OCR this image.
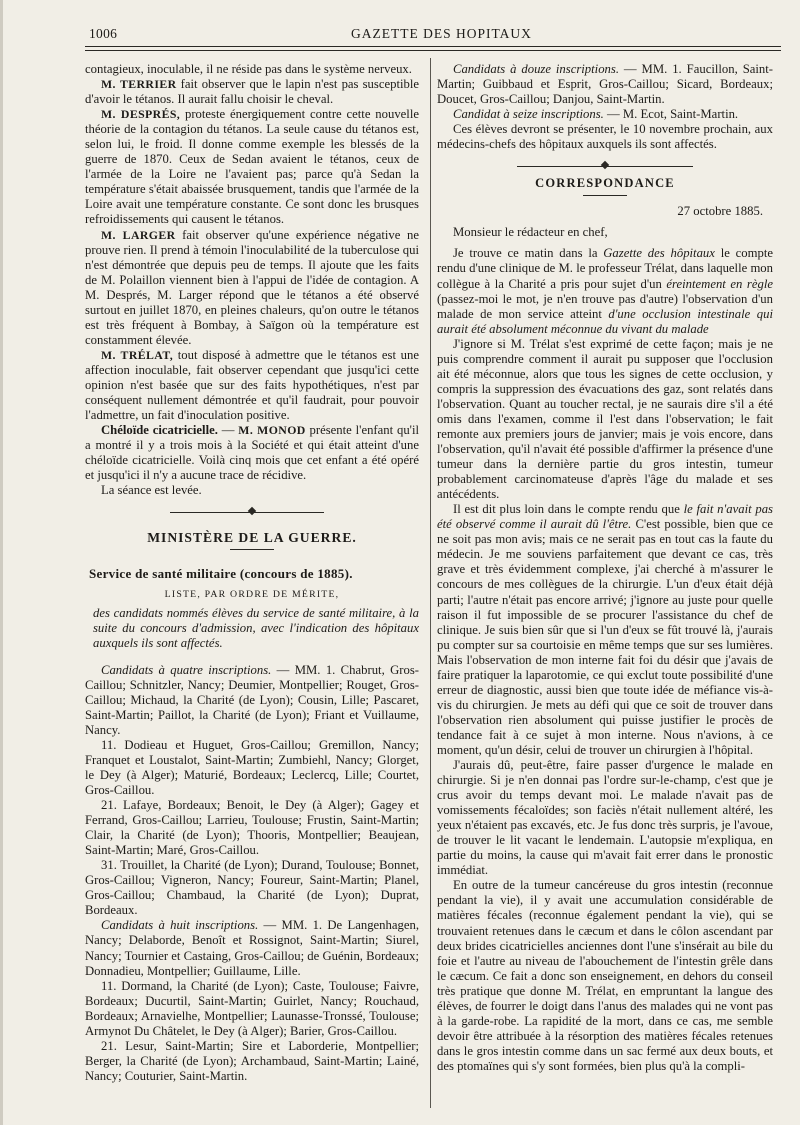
1006	GAZETTE DES HOPITAUX

contagieux, inoculable, il ne réside pas dans le système nerveux.

M. TERRIER fait observer que le lapin n'est pas susceptible d'avoir le tétanos. Il aurait fallu choisir le cheval.

M. DESPRÉS, proteste énergiquement contre cette nouvelle théorie de la contagion du tétanos. La seule cause du tétanos est, selon lui, le froid. Il donne comme exemple les blessés de la guerre de 1870. Ceux de Sedan avaient le tétanos, ceux de l'armée de la Loire ne l'avaient pas; parce qu'à Sedan la température s'était abaissée brusquement, tandis que l'armée de la Loire avait une température constante. Ce sont donc les brusques refroidissements qui causent le tétanos.

M. LARGER fait observer qu'une expérience négative ne prouve rien. Il prend à témoin l'inoculabilité de la tuberculose qui n'est démontrée que depuis peu de temps. Il ajoute que les faits de M. Polaillon viennent bien à l'appui de l'idée de contagion. A M. Després, M. Larger répond que le tétanos a été observé surtout en juillet 1870, en pleines chaleurs, qu'on outre le tétanos est très fréquent à Bombay, à Saïgon où la température est constamment élevée.

M. TRÉLAT, tout disposé à admettre que le tétanos est une affection inoculable, fait observer cependant que jusqu'ici cette opinion n'est basée que sur des faits hypothétiques, n'est par conséquent nullement démontrée et qu'il faudrait, pour pouvoir l'admettre, un fait d'inoculation positive.

Chéloïde cicatricielle. — M. MONOD présente l'enfant qu'il a montré il y a trois mois à la Société et qui était atteint d'une chéloïde cicatricielle. Voilà cinq mois que cet enfant a été opéré et jusqu'ici il n'y a aucune trace de récidive.

La séance est levée.

MINISTÈRE DE LA GUERRE.
Service de santé militaire (concours de 1885).
LISTE, PAR ORDRE DE MÉRITE,

des candidats nommés élèves du service de santé militaire, à la suite du concours d'admission, avec l'indication des hôpitaux auxquels ils sont affectés.

Candidats à quatre inscriptions. — MM. 1. Chabrut, Gros-Caillou; Schnitzler, Nancy; Deumier, Montpellier; Rouget, Gros-Caillou; Michaud, la Charité (de Lyon); Cousin, Lille; Pascaret, Saint-Martin; Paillot, la Charité (de Lyon); Friant et Vuillaume, Nancy.

11. Dodieau et Huguet, Gros-Caillou; Gremillon, Nancy; Franquet et Loustalot, Saint-Martin; Zumbiehl, Nancy; Glorget, le Dey (à Alger); Maturié, Bordeaux; Leclercq, Lille; Courtet, Gros-Caillou.

21. Lafaye, Bordeaux; Benoit, le Dey (à Alger); Gagey et Ferrand, Gros-Caillou; Larrieu, Toulouse; Frustin, Saint-Martin; Clair, la Charité (de Lyon); Thooris, Montpellier; Beaujean, Saint-Martin; Maré, Gros-Caillou.

31. Trouillet, la Charité (de Lyon); Durand, Toulouse; Bonnet, Gros-Caillou; Vigneron, Nancy; Foureur, Saint-Martin; Planel, Gros-Caillou; Chambaud, la Charité (de Lyon); Duprat, Bordeaux.

Candidats à huit inscriptions. — MM. 1. De Langenhagen, Nancy; Delaborde, Benoît et Rossignot, Saint-Martin; Siurel, Nancy; Tournier et Castaing, Gros-Caillou; de Guénin, Bordeaux; Donnadieu, Montpellier; Guillaume, Lille.

11. Dormand, la Charité (de Lyon); Caste, Toulouse; Faivre, Bordeaux; Ducurtil, Saint-Martin; Guirlet, Nancy; Rouchaud, Bordeaux; Arnavielhe, Montpellier; Launasse-Tronssé, Toulouse; Armynot Du Châtelet, le Dey (à Alger); Barier, Gros-Caillou.

21. Lesur, Saint-Martin; Sire et Laborderie, Montpellier; Berger, la Charité (de Lyon); Archambaud, Saint-Martin; Lainé, Nancy; Couturier, Saint-Martin.

Candidats à douze inscriptions. — MM. 1. Faucillon, Saint-Martin; Guibbaud et Esprit, Gros-Caillou; Sicard, Bordeaux; Doucet, Gros-Caillou; Danjou, Saint-Martin.

Candidat à seize inscriptions. — M. Ecot, Saint-Martin.

Ces élèves devront se présenter, le 10 novembre prochain, aux médecins-chefs des hôpitaux auxquels ils sont affectés.

CORRESPONDANCE
27 octobre 1885.

Monsieur le rédacteur en chef,

Je trouve ce matin dans la Gazette des hôpitaux le compte rendu d'une clinique de M. le professeur Trélat, dans laquelle mon collègue à la Charité a pris pour sujet d'un éreintement en règle (passez-moi le mot, je n'en trouve pas d'autre) l'observation d'un malade de mon service atteint d'une occlusion intestinale qui aurait été absolument méconnue du vivant du malade

J'ignore si M. Trélat s'est exprimé de cette façon; mais je ne puis comprendre comment il aurait pu supposer que l'occlusion ait été méconnue, alors que tous les signes de cette occlusion, y compris la suppression des évacuations des gaz, sont relatés dans l'observation. Quant au toucher rectal, je ne saurais dire s'il a été omis dans l'examen, comme il l'est dans l'observation; le fait remonte aux premiers jours de janvier; mais je vois encore, dans l'observation, qu'il n'avait été possible d'affirmer la présence d'une tumeur dans la dernière partie du gros intestin, tumeur probablement carcinomateuse d'après l'âge du malade et ses antécédents.

Il est dit plus loin dans le compte rendu que le fait n'avait pas été observé comme il aurait dû l'être. C'est possible, bien que ce ne soit pas mon avis; mais ce ne serait pas en tout cas la faute du médecin. Je me souviens parfaitement que devant ce cas, très grave et très évidemment complexe, j'ai cherché à m'assurer le concours de mes collègues de la chirurgie. L'un d'eux était déjà parti; l'autre n'était pas encore arrivé; j'ignore au juste pour quelle raison il fut impossible de se procurer l'assistance du chef de clinique. Je suis bien sûr que si l'un d'eux se fût trouvé là, j'aurais pu compter sur sa courtoisie en même temps que sur ses lumières. Mais l'observation de mon interne fait foi du désir que j'avais de faire pratiquer la laparotomie, ce qui exclut toute possibilité d'une erreur de diagnostic, aussi bien que toute idée de méfiance vis-à-vis du chirurgien. Je mets au défi qui que ce soit de trouver dans l'observation rien absolument qui puisse justifier le procès de tendance fait à ce sujet à mon interne. Nous n'avions, à ce moment, qu'un désir, celui de trouver un chirurgien à l'hôpital.

J'aurais dû, peut-être, faire passer d'urgence le malade en chirurgie. Si je n'en donnai pas l'ordre sur-le-champ, c'est que je crus avoir du temps devant moi. Le malade n'avait pas de vomissements fécaloïdes; son faciès n'était nullement altéré, les yeux n'étaient pas excavés, etc. Je fus donc très surpris, je l'avoue, de trouver le lit vacant le lendemain. L'autopsie m'expliqua, en partie du moins, la cause qui m'avait fait errer dans le pronostic immédiat.

En outre de la tumeur cancéreuse du gros intestin (reconnue pendant la vie), il y avait une accumulation considérable de matières fécales (reconnue également pendant la vie), qui se trouvaient retenues dans le cæcum et dans le côlon ascendant par deux brides cicatricielles anciennes dont l'une s'insérait au bile du foie et l'autre au niveau de l'abouchement de l'intestin grêle dans le cæcum. Ce fait a donc son enseignement, en dehors du conseil très pratique que donne M. Trélat, en empruntant la langue des élèves, de fourrer le doigt dans l'anus des malades qui ne vont pas à la garde-robe. La rapidité de la mort, dans ce cas, me semble devoir être attribuée à la résorption des matières fécales retenues dans le gros intestin comme dans un sac fermé aux deux bouts, et des ptomaïnes qui s'y sont formées, bien plus qu'à la compli-
